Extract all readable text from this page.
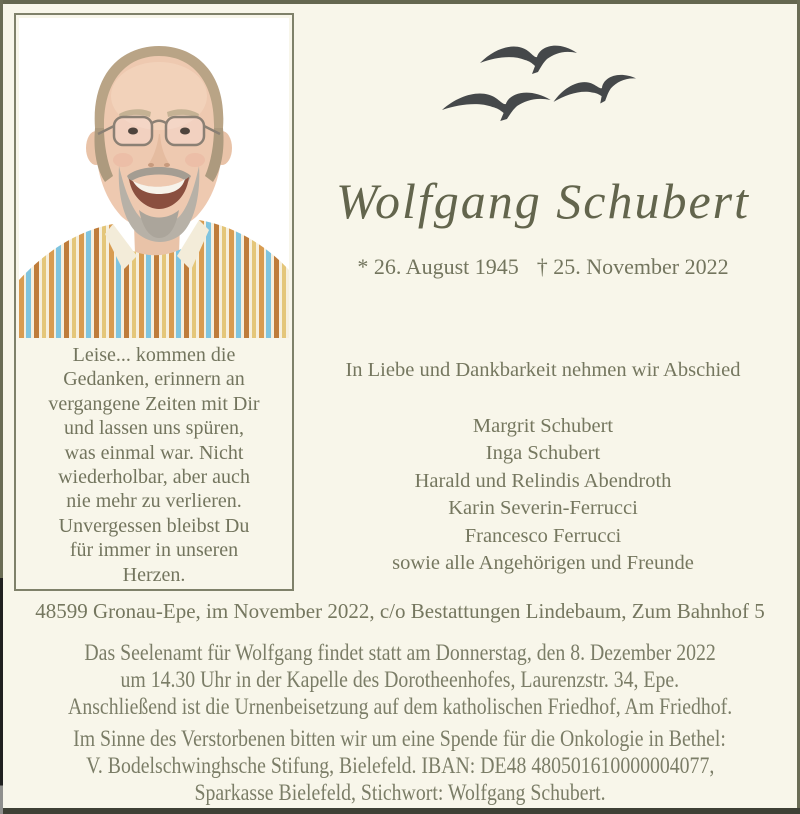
Leise... kommen die
Gedanken, erinnern an
vergangene Zeiten mit Dir
und lassen uns spüren,
was einmal war. Nicht
wiederholbar, aber auch
nie mehr zu verlieren.
Unvergessen bleibst Du
für immer in unseren
Herzen.
Wolfgang Schubert
* 26. August 1945 † 25. November 2022
In Liebe und Dankbarkeit nehmen wir Abschied
Margrit Schubert
Inga Schubert
Harald und Relindis Abendroth
Karin Severin-Ferrucci
Francesco Ferrucci
sowie alle Angehörigen und Freunde
48599 Gronau-Epe, im November 2022, c/o Bestattungen Lindebaum, Zum Bahnhof 5
Das Seelenamt für Wolfgang findet statt am Donnerstag, den 8. Dezember 2022
um 14.30 Uhr in der Kapelle des Dorotheenhofes, Laurenzstr. 34, Epe.
Anschließend ist die Urnenbeisetzung auf dem katholischen Friedhof, Am Friedhof.
Im Sinne des Verstorbenen bitten wir um eine Spende für die Onkologie in Bethel:
V. Bodelschwinghsche Stifung, Bielefeld. IBAN: DE48 480501610000004077,
Sparkasse Bielefeld, Stichwort: Wolfgang Schubert.
